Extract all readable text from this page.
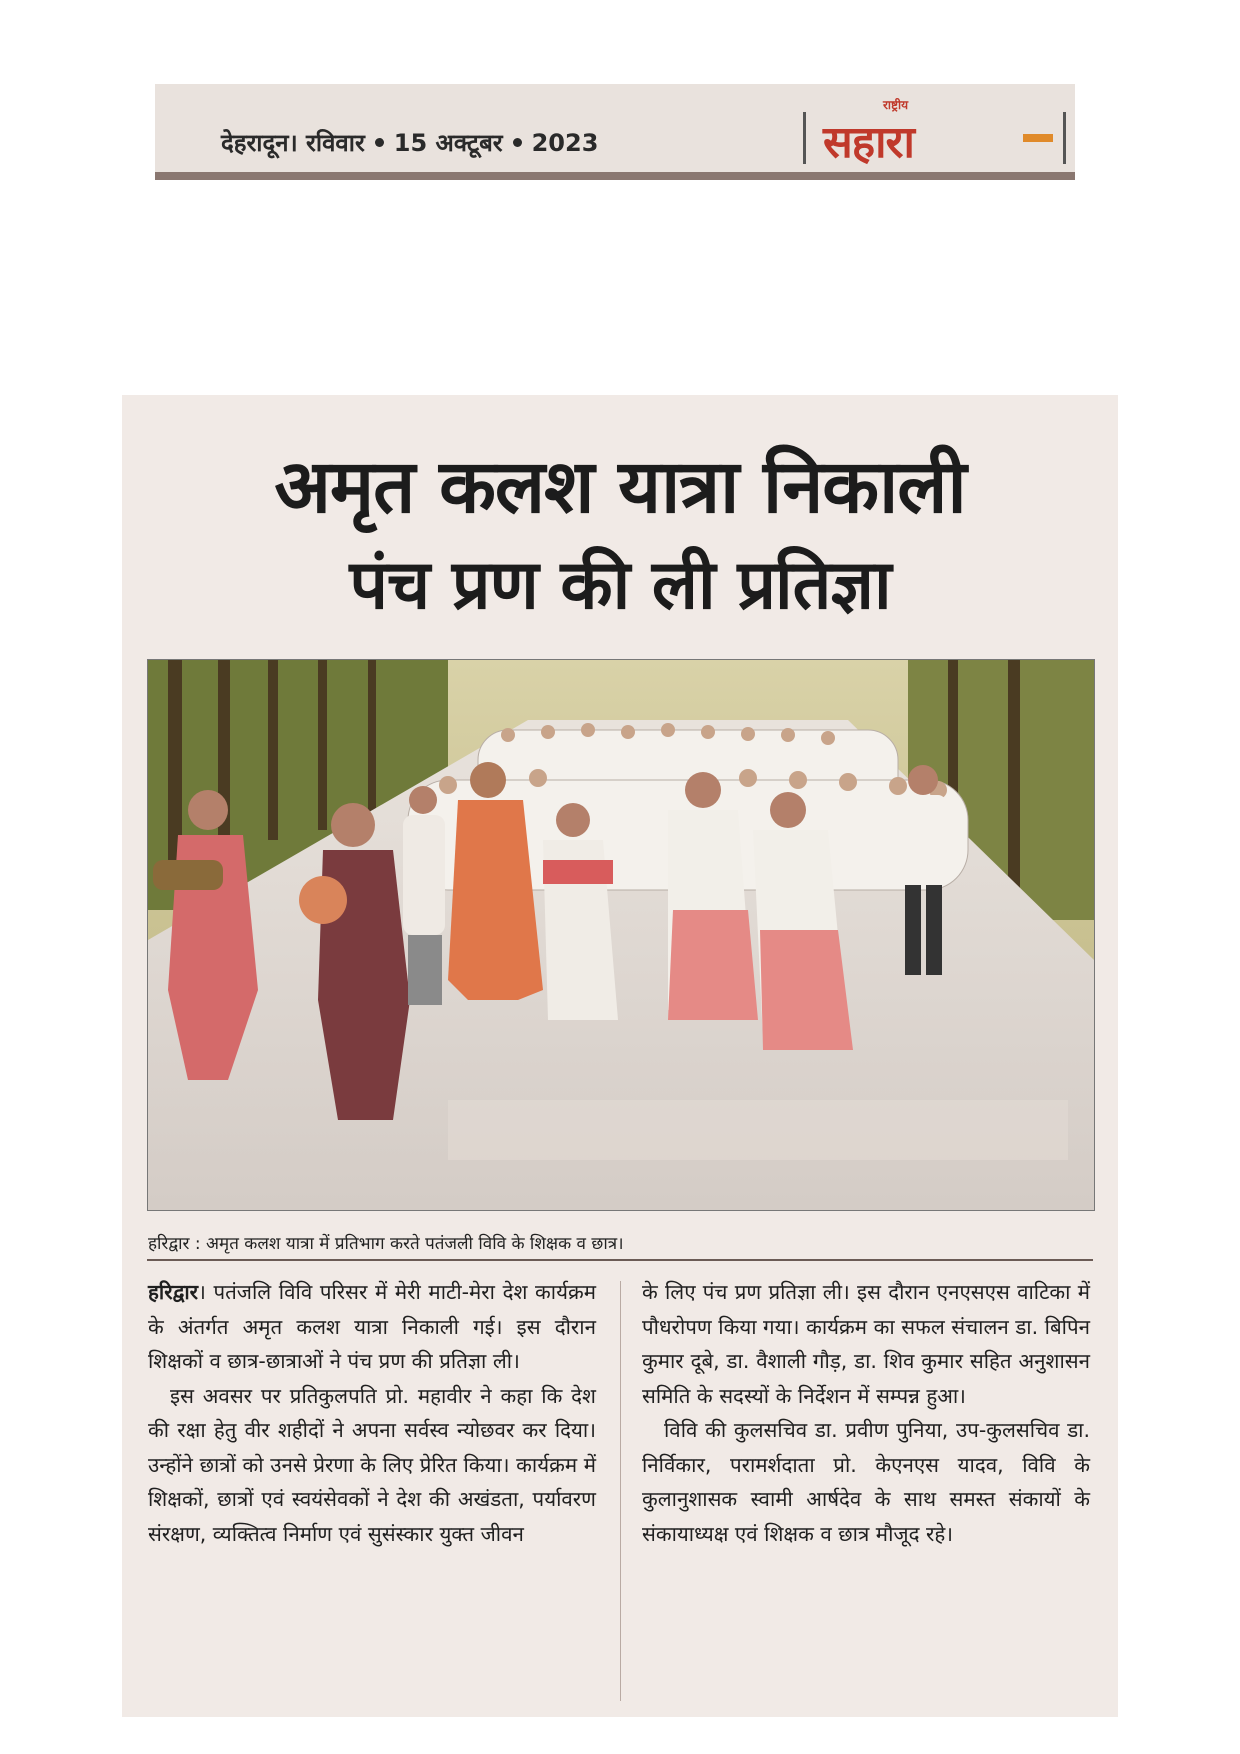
देहरादून। रविवार 15 अक्टूबर 2023
राष्ट्रीय
सहारा
अमृत कलश यात्रा निकाली
पंच प्रण की ली प्रतिज्ञा
हरिद्वार : अमृत कलश यात्रा में प्रतिभाग करते पतंजली विवि के शिक्षक व छात्र।

हरिद्वार। पतंजलि विवि परिसर में मेरी माटी-मेरा देश कार्यक्रम के अंतर्गत अमृत कलश यात्रा निकाली गई। इस दौरान शिक्षकों व छात्र-छात्राओं ने पंच प्रण की प्रतिज्ञा ली।

इस अवसर पर प्रतिकुलपति प्रो. महावीर ने कहा कि देश की रक्षा हेतु वीर शहीदों ने अपना सर्वस्व न्योछवर कर दिया। उन्होंने छात्रों को उनसे प्रेरणा के लिए प्रेरित किया। कार्यक्रम में शिक्षकों, छात्रों एवं स्वयंसेवकों ने देश की अखंडता, पर्यावरण संरक्षण, व्यक्तित्व निर्माण एवं सुसंस्कार युक्त जीवन

के लिए पंच प्रण प्रतिज्ञा ली। इस दौरान एनएसएस वाटिका में पौधरोपण किया गया। कार्यक्रम का सफल संचालन डा. बिपिन कुमार दूबे, डा. वैशाली गौड़, डा. शिव कुमार सहित अनुशासन समिति के सदस्यों के निर्देशन में सम्पन्न हुआ।

विवि की कुलसचिव डा. प्रवीण पुनिया, उप-कुलसचिव डा. निर्विकार, परामर्शदाता प्रो. केएनएस यादव, विवि के कुलानुशासक स्वामी आर्षदेव के साथ समस्त संकायों के संकायाध्यक्ष एवं शिक्षक व छात्र मौजूद रहे।
